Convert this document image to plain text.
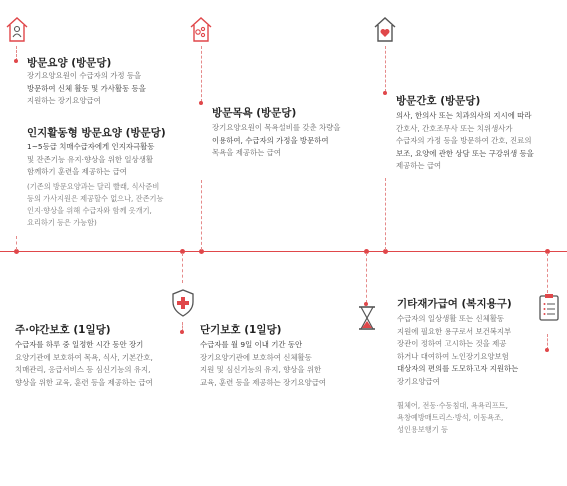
방문요양 (방문당)
장기요양요원이 수급자의 가정 등을
방문하여 신체 활동 및 가사활동 등을
지원하는 장기요양급여
인지활동형 방문요양 (방문당)
1~5등급 치매수급자에게 인지자극활동
및 잔존기능 유지·향상을 위한 일상생활
함께하기 훈련을 제공하는 급여
(기존의 방문요양과는 달리 빨래, 식사준비
등의 가사지원은 제공할수 없으나, 잔존기능
인지·향상을 위해 수급자와 함께 옷개기,
요리하기 등은 가능함)
방문목욕 (방문당)
장기요양요원이 목욕설비를 갖춘 차량을
이용하여, 수급자의 가정을 방문하여
목욕을 제공하는 급여
방문간호 (방문당)
의사, 한의사 또는 치과의사의 지시에 따라
간호사, 간호조무사 또는 치위생사가
수급자의 가정 등을 방문하여 간호, 진료의
보조, 요양에 관한 상담 또는 구강위생 등을
제공하는 급여
주·야간보호 (1일당)
수급자를 하루 중 일정한 시간 동안 장기
요양기관에 보호하여 목욕, 식사, 기본간호,
치매관리, 응급서비스 등 심신기능의 유지,
향상을 위한 교육, 훈련 등을 제공하는 급여
단기보호 (1일당)
수급자를 월 9일 이내 기간 동안
장기요양기관에 보호하여 신체활동
지원 및 심신기능의 유지, 향상을 위한
교육, 훈련 등을 제공하는 장기요양급여
기타재가급여 (복지용구)
수급자의 일상생활 또는 신체활동
지원에 필요한 용구로서 보건복지부
장관이 정하여 고시하는 것을 제공
하거나 대여하여 노인장기요양보험
대상자의 편의를 도모하고자 지원하는
장기요양급여
휠체어, 전동·수동침대, 욕욕리프트,
욕창예방매트리스·방석, 이동욕조,
성인용보행기 등
